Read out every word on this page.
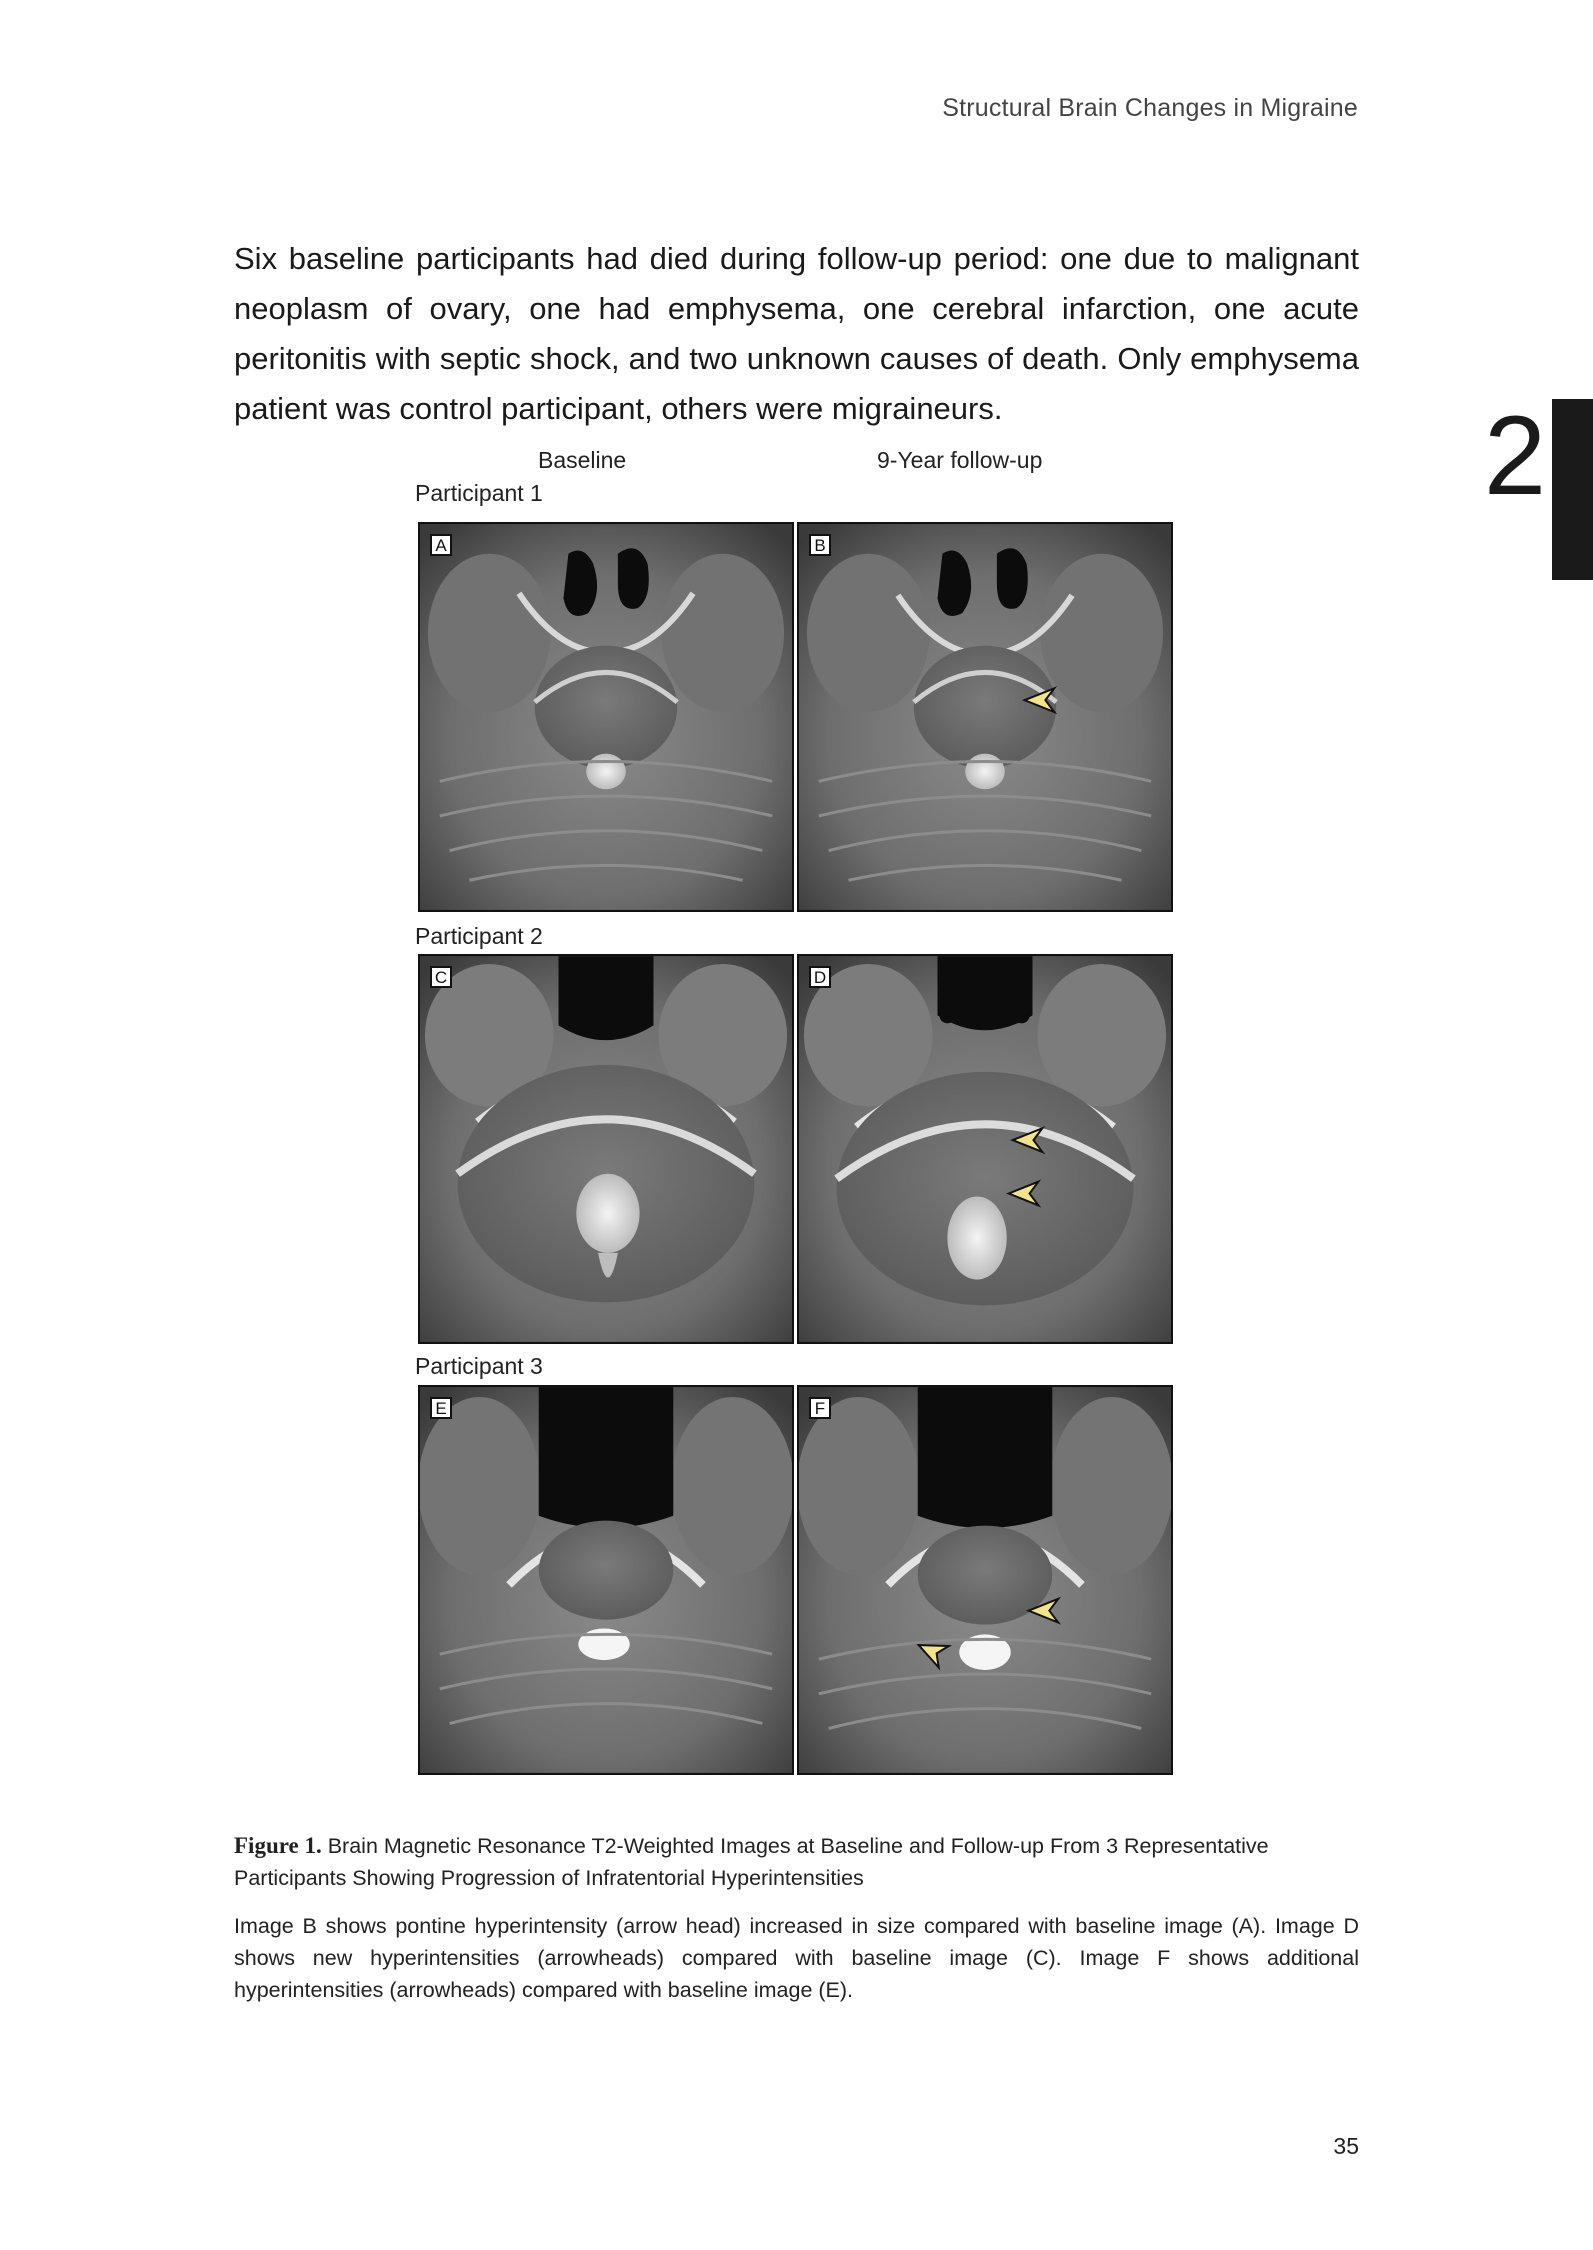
Structural Brain Changes in Migraine

Six baseline participants had died during follow-up period: one due to malignant neoplasm of ovary, one had emphysema, one cerebral infarction, one acute peritonitis with septic shock, and two unknown causes of death. Only emphysema patient was control participant, others were migraineurs.	2
Baseline	9-Year follow-up
Participant 1
Participant 2
Participant 3
A	B
C	D
E	F
Figure 1. Brain Magnetic Resonance T2-Weighted Images at Baseline and Follow-up From 3 Representative Participants Showing Progression of Infratentorial Hyperintensities
Image B shows pontine hyperintensity (arrow head) increased in size compared with baseline image (A). Image D shows new hyperintensities (arrowheads) compared with baseline image (C). Image F shows additional hyperintensities (arrowheads) compared with baseline image (E).
35
